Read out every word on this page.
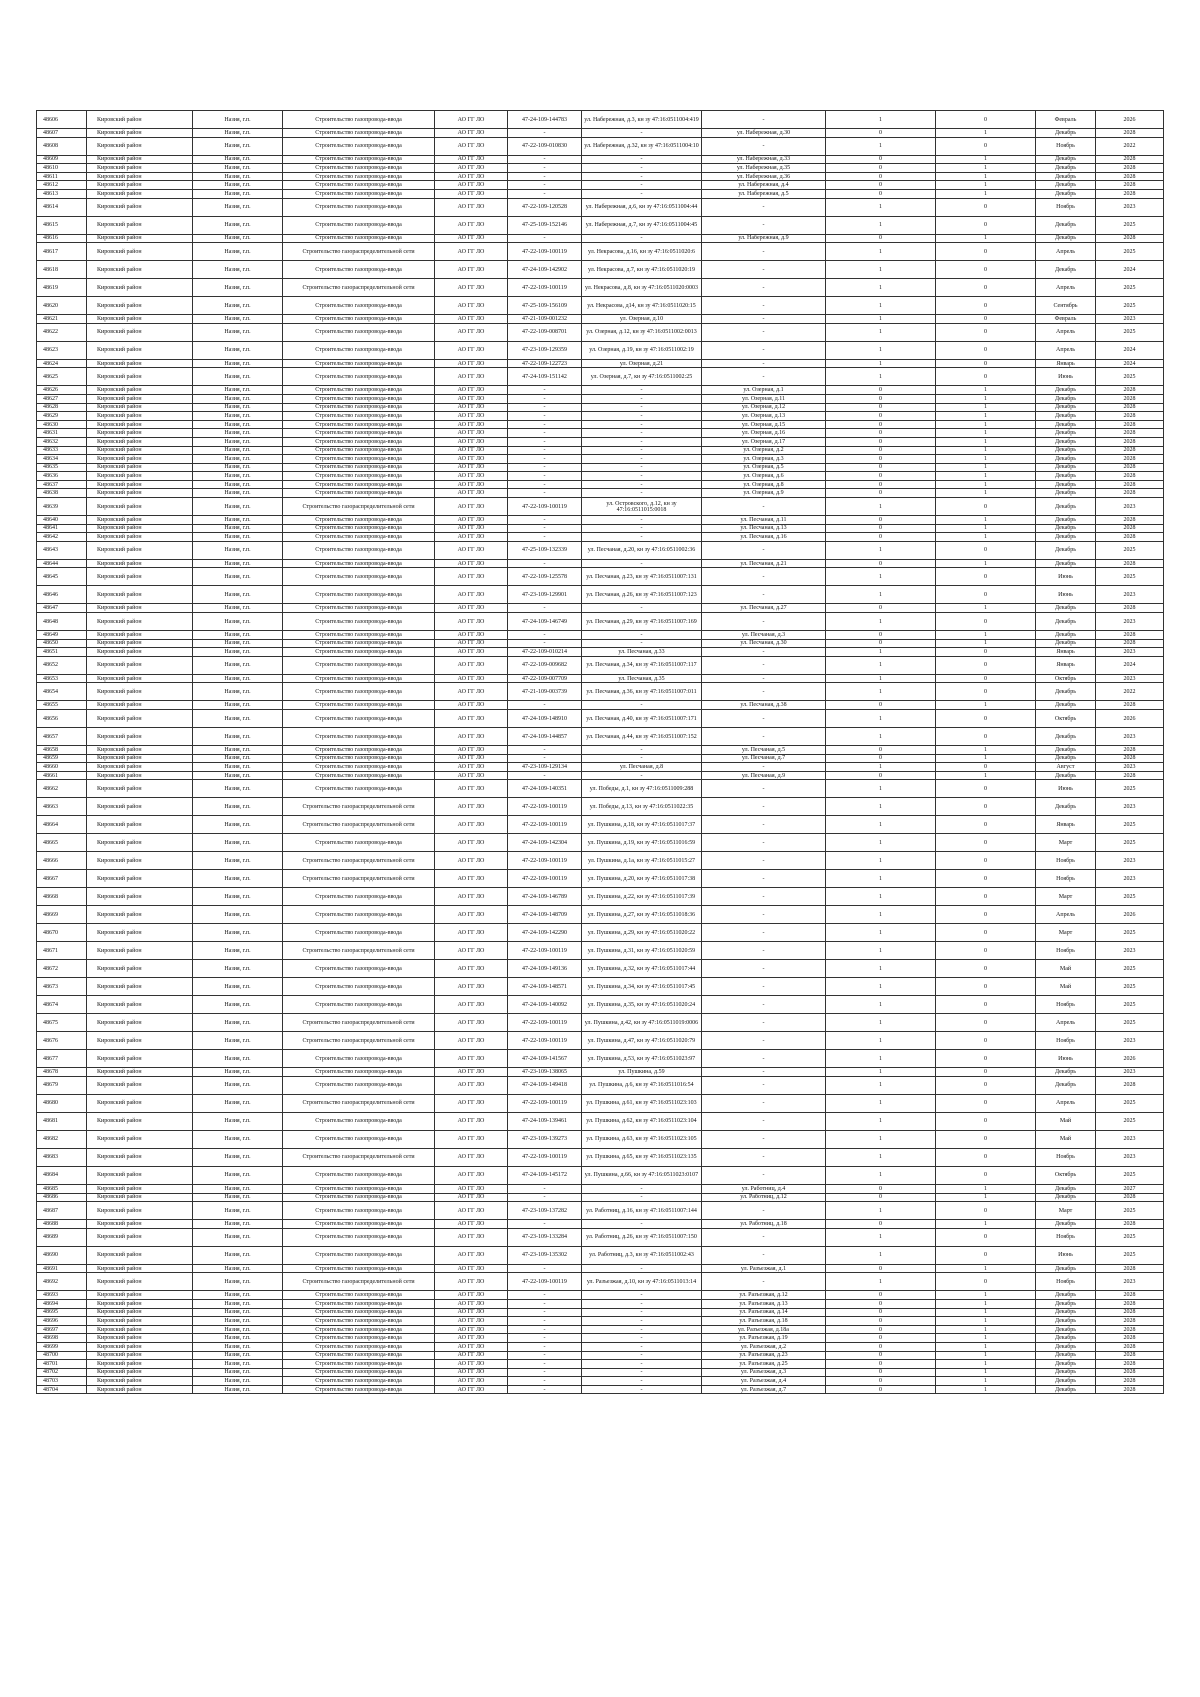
48606	Кировский район	Назия, г.п.	Строительство газопровода-ввода	АО ГГ ЛО	47-24-109-144783	ул. Набережная, д.3, кн зу 47:16:0511004:419	-	1	0	Февраль	2026
48607	Кировский район	Назия, г.п.	Строительство газопровода-ввода	АО ГГ ЛО	-	-	ул. Набережная, д.30	0	1	Декабрь	2028
48608	Кировский район	Назия, г.п.	Строительство газопровода-ввода	АО ГГ ЛО	47-22-109-010830	ул. Набережная, д.32, кн зу 47:16:0511004:10	-	1	0	Ноябрь	2022
48609	Кировский район	Назия, г.п.	Строительство газопровода-ввода	АО ГГ ЛО	-	-	ул. Набережная, д.33	0	1	Декабрь	2028
48610	Кировский район	Назия, г.п.	Строительство газопровода-ввода	АО ГГ ЛО	-	-	ул. Набережная, д.35	0	1	Декабрь	2028
48611	Кировский район	Назия, г.п.	Строительство газопровода-ввода	АО ГГ ЛО	-	-	ул. Набережная, д.36	0	1	Декабрь	2028
48612	Кировский район	Назия, г.п.	Строительство газопровода-ввода	АО ГГ ЛО	-	-	ул. Набережная, д.4	0	1	Декабрь	2028
48613	Кировский район	Назия, г.п.	Строительство газопровода-ввода	АО ГГ ЛО	-	-	ул. Набережная, д.5	0	1	Декабрь	2028
48614	Кировский район	Назия, г.п.	Строительство газопровода-ввода	АО ГГ ЛО	47-22-109-120528	ул. Набережная, д.6, кн зу 47:16:0511004:44	-	1	0	Ноябрь	2023
48615	Кировский район	Назия, г.п.	Строительство газопровода-ввода	АО ГГ ЛО	47-25-109-152146	ул. Набережная, д.7, кн зу 47:16:0511004:45	-	1	0	Декабрь	2025
48616	Кировский район	Назия, г.п.	Строительство газопровода-ввода	АО ГГ ЛО	-	-	ул. Набережная, д.9	0	1	Декабрь	2028
48617	Кировский район	Назия, г.п.	Строительство газораспределительной сети	АО ГГ ЛО	47-22-109-100119	ул. Некрасова, д.16, кн зу 47:16:0511020:6	-	1	0	Апрель	2025
48618	Кировский район	Назия, г.п.	Строительство газопровода-ввода	АО ГГ ЛО	47-24-109-142902	ул. Некрасова, д.7, кн зу 47:16:0511020:19	-	1	0	Декабрь	2024
48619	Кировский район	Назия, г.п.	Строительство газораспределительной сети	АО ГГ ЛО	47-22-109-100119	ул. Некрасова, д.8, кн зу 47:16:0511020:0003	-	1	0	Апрель	2025
48620	Кировский район	Назия, г.п.	Строительство газопровода-ввода	АО ГГ ЛО	47-25-109-156109	ул. Некрасова, д14, кн зу 47:16:0511020:15	-	1	0	Сентябрь	2025
48621	Кировский район	Назия, г.п.	Строительство газопровода-ввода	АО ГГ ЛО	47-21-109-001232	ул. Озерная, д.10	-	1	0	Февраль	2023
48622	Кировский район	Назия, г.п.	Строительство газопровода-ввода	АО ГГ ЛО	47-22-109-008701	ул. Озерная, д.12, кн зу 47:16:0511002:0013	-	1	0	Апрель	2025
48623	Кировский район	Назия, г.п.	Строительство газопровода-ввода	АО ГГ ЛО	47-23-109-129359	ул. Озерная, д.19, кн зу 47:16:0511002:19	-	1	0	Апрель	2024
48624	Кировский район	Назия, г.п.	Строительство газопровода-ввода	АО ГГ ЛО	47-22-109-122723	ул. Озерная, д.21	-	1	0	Январь	2024
48625	Кировский район	Назия, г.п.	Строительство газопровода-ввода	АО ГГ ЛО	47-24-109-151142	ул. Озерная, д.7, кн зу 47:16:0511002:25	-	1	0	Июнь	2025
48626	Кировский район	Назия, г.п.	Строительство газопровода-ввода	АО ГГ ЛО	-	-	ул. Озерная, д.1	0	1	Декабрь	2028
48627	Кировский район	Назия, г.п.	Строительство газопровода-ввода	АО ГГ ЛО	-	-	ул. Озерная, д.11	0	1	Декабрь	2028
48628	Кировский район	Назия, г.п.	Строительство газопровода-ввода	АО ГГ ЛО	-	-	ул. Озерная, д.12	0	1	Декабрь	2028
48629	Кировский район	Назия, г.п.	Строительство газопровода-ввода	АО ГГ ЛО	-	-	ул. Озерная, д.13	0	1	Декабрь	2028
48630	Кировский район	Назия, г.п.	Строительство газопровода-ввода	АО ГГ ЛО	-	-	ул. Озерная, д.15	0	1	Декабрь	2028
48631	Кировский район	Назия, г.п.	Строительство газопровода-ввода	АО ГГ ЛО	-	-	ул. Озерная, д.16	0	1	Декабрь	2028
48632	Кировский район	Назия, г.п.	Строительство газопровода-ввода	АО ГГ ЛО	-	-	ул. Озерная, д.17	0	1	Декабрь	2028
48633	Кировский район	Назия, г.п.	Строительство газопровода-ввода	АО ГГ ЛО	-	-	ул. Озерная, д.2	0	1	Декабрь	2028
48634	Кировский район	Назия, г.п.	Строительство газопровода-ввода	АО ГГ ЛО	-	-	ул. Озерная, д.3	0	1	Декабрь	2028
48635	Кировский район	Назия, г.п.	Строительство газопровода-ввода	АО ГГ ЛО	-	-	ул. Озерная, д.5	0	1	Декабрь	2028
48636	Кировский район	Назия, г.п.	Строительство газопровода-ввода	АО ГГ ЛО	-	-	ул. Озерная, д.6	0	1	Декабрь	2028
48637	Кировский район	Назия, г.п.	Строительство газопровода-ввода	АО ГГ ЛО	-	-	ул. Озерная, д.8	0	1	Декабрь	2028
48638	Кировский район	Назия, г.п.	Строительство газопровода-ввода	АО ГГ ЛО	-	-	ул. Озерная, д.9	0	1	Декабрь	2028
48639	Кировский район	Назия, г.п.	Строительство газораспределительной сети	АО ГГ ЛО	47-22-109-100119	ул. Островского, д.12, кн зу 47:16:0511015:0018	-	1	0	Декабрь	2023
48640	Кировский район	Назия, г.п.	Строительство газопровода-ввода	АО ГГ ЛО	-	-	ул. Песчаная, д.11	0	1	Декабрь	2028
48641	Кировский район	Назия, г.п.	Строительство газопровода-ввода	АО ГГ ЛО	-	-	ул. Песчаная, д.13	0	1	Декабрь	2028
48642	Кировский район	Назия, г.п.	Строительство газопровода-ввода	АО ГГ ЛО	-	-	ул. Песчаная, д.16	0	1	Декабрь	2028
48643	Кировский район	Назия, г.п.	Строительство газопровода-ввода	АО ГГ ЛО	47-25-109-132339	ул. Песчаная, д.20, кн зу 47:16:0511002:36	-	1	0	Декабрь	2025
48644	Кировский район	Назия, г.п.	Строительство газопровода-ввода	АО ГГ ЛО	-	-	ул. Песчаная, д.21	0	1	Декабрь	2028
48645	Кировский район	Назия, г.п.	Строительство газопровода-ввода	АО ГГ ЛО	47-22-109-125578	ул. Песчаная, д.23, кн зу 47:16:0511007:131	-	1	0	Июнь	2025
48646	Кировский район	Назия, г.п.	Строительство газопровода-ввода	АО ГГ ЛО	47-23-109-129901	ул. Песчаная, д.26, кн зу 47:16:0511007:123	-	1	0	Июнь	2023
48647	Кировский район	Назия, г.п.	Строительство газопровода-ввода	АО ГГ ЛО	-	-	ул. Песчаная, д.27	0	1	Декабрь	2028
48648	Кировский район	Назия, г.п.	Строительство газопровода-ввода	АО ГГ ЛО	47-24-109-146749	ул. Песчаная, д.29, кн зу 47:16:0511007:169	-	1	0	Декабрь	2023
48649	Кировский район	Назия, г.п.	Строительство газопровода-ввода	АО ГГ ЛО	-	-	ул. Песчаная, д.3	0	1	Декабрь	2028
48650	Кировский район	Назия, г.п.	Строительство газопровода-ввода	АО ГГ ЛО	-	-	ул. Песчаная, д.30	0	1	Декабрь	2028
48651	Кировский район	Назия, г.п.	Строительство газопровода-ввода	АО ГГ ЛО	47-22-109-010214	ул. Песчаная, д.33	-	1	0	Январь	2023
48652	Кировский район	Назия, г.п.	Строительство газопровода-ввода	АО ГГ ЛО	47-22-109-009682	ул. Песчаная, д.34, кн зу 47:16:0511007:117	-	1	0	Январь	2024
48653	Кировский район	Назия, г.п.	Строительство газопровода-ввода	АО ГГ ЛО	47-22-109-007709	ул. Песчаная, д.35	-	1	0	Октябрь	2023
48654	Кировский район	Назия, г.п.	Строительство газопровода-ввода	АО ГГ ЛО	47-21-109-003739	ул. Песчаная, д.36, кн зу 47:16:0511007:011	-	1	0	Декабрь	2022
48655	Кировский район	Назия, г.п.	Строительство газопровода-ввода	АО ГГ ЛО	-	-	ул. Песчаная, д.38	0	1	Декабрь	2028
48656	Кировский район	Назия, г.п.	Строительство газопровода-ввода	АО ГГ ЛО	47-24-109-148910	ул. Песчаная, д.40, кн зу 47:16:0511007:171	-	1	0	Октябрь	2026
48657	Кировский район	Назия, г.п.	Строительство газопровода-ввода	АО ГГ ЛО	47-24-109-144857	ул. Песчаная, д.44, кн зу 47:16:0511007:152	-	1	0	Декабрь	2023
48658	Кировский район	Назия, г.п.	Строительство газопровода-ввода	АО ГГ ЛО	-	-	ул. Песчаная, д.5	0	1	Декабрь	2028
48659	Кировский район	Назия, г.п.	Строительство газопровода-ввода	АО ГГ ЛО	-	-	ул. Песчаная, д.7	0	1	Декабрь	2028
48660	Кировский район	Назия, г.п.	Строительство газопровода-ввода	АО ГГ ЛО	47-23-109-129134	ул. Песчаная, д.8	-	1	0	Август	2023
48661	Кировский район	Назия, г.п.	Строительство газопровода-ввода	АО ГГ ЛО	-	-	ул. Песчаная, д.9	0	1	Декабрь	2028
48662	Кировский район	Назия, г.п.	Строительство газопровода-ввода	АО ГГ ЛО	47-24-109-140351	ул. Победы, д.1, кн зу 47:16:0511009:288	-	1	0	Июнь	2025
48663	Кировский район	Назия, г.п.	Строительство газораспределительной сети	АО ГГ ЛО	47-22-109-100119	ул. Победы, д.13, кн зу 47:16:0511022:35	-	1	0	Декабрь	2023
48664	Кировский район	Назия, г.п.	Строительство газораспределительной сети	АО ГГ ЛО	47-22-109-100119	ул. Пушкина, д.18, кн зу 47:16:0511017:37	-	1	0	Январь	2025
48665	Кировский район	Назия, г.п.	Строительство газопровода-ввода	АО ГГ ЛО	47-24-109-142304	ул. Пушкина, д.19, кн зу 47:16:0511016:59	-	1	0	Март	2025
48666	Кировский район	Назия, г.п.	Строительство газораспределительной сети	АО ГГ ЛО	47-22-109-100119	ул. Пушкина, д.1а, кн зу 47:16:0511015:27	-	1	0	Ноябрь	2023
48667	Кировский район	Назия, г.п.	Строительство газораспределительной сети	АО ГГ ЛО	47-22-109-100119	ул. Пушкина, д.20, кн зу 47:16:0511017:38	-	1	0	Ноябрь	2023
48668	Кировский район	Назия, г.п.	Строительство газопровода-ввода	АО ГГ ЛО	47-24-109-146789	ул. Пушкина, д.22, кн зу 47:16:0511017:39	-	1	0	Март	2025
48669	Кировский район	Назия, г.п.	Строительство газопровода-ввода	АО ГГ ЛО	47-24-109-148709	ул. Пушкина, д.27, кн зу 47:16:0511018:36	-	1	0	Апрель	2026
48670	Кировский район	Назия, г.п.	Строительство газопровода-ввода	АО ГГ ЛО	47-24-109-142290	ул. Пушкина, д.29, кн зу 47:16:0511020:22	-	1	0	Март	2025
48671	Кировский район	Назия, г.п.	Строительство газораспределительной сети	АО ГГ ЛО	47-22-109-100119	ул. Пушкина, д.31, кн зу 47:16:0511020:59	-	1	0	Ноябрь	2023
48672	Кировский район	Назия, г.п.	Строительство газопровода-ввода	АО ГГ ЛО	47-24-109-149136	ул. Пушкина, д.32, кн зу 47:16:0511017:44	-	1	0	Май	2025
48673	Кировский район	Назия, г.п.	Строительство газопровода-ввода	АО ГГ ЛО	47-24-109-148571	ул. Пушкина, д.34, кн зу 47:16:0511017:45	-	1	0	Май	2025
48674	Кировский район	Назия, г.п.	Строительство газопровода-ввода	АО ГГ ЛО	47-24-109-140092	ул. Пушкина, д.35, кн зу 47:16:0511020:24	-	1	0	Ноябрь	2025
48675	Кировский район	Назия, г.п.	Строительство газораспределительной сети	АО ГГ ЛО	47-22-109-100119	ул. Пушкина, д.42, кн зу 47:16:0511019:0006	-	1	0	Апрель	2025
48676	Кировский район	Назия, г.п.	Строительство газораспределительной сети	АО ГГ ЛО	47-22-109-100119	ул. Пушкина, д.47, кн зу 47:16:0511020:79	-	1	0	Ноябрь	2023
48677	Кировский район	Назия, г.п.	Строительство газопровода-ввода	АО ГГ ЛО	47-24-109-141567	ул. Пушкина, д.53, кн зу 47:16:0511023:97	-	1	0	Июнь	2026
48678	Кировский район	Назия, г.п.	Строительство газопровода-ввода	АО ГГ ЛО	47-23-109-138065	ул. Пушкина, д.59	-	1	0	Декабрь	2023
48679	Кировский район	Назия, г.п.	Строительство газопровода-ввода	АО ГГ ЛО	47-24-109-149418	ул. Пушкина, д.6, кн зу 47:16:0511016:54	-	1	0	Декабрь	2028
48680	Кировский район	Назия, г.п.	Строительство газораспределительной сети	АО ГГ ЛО	47-22-109-100119	ул. Пушкина, д.61, кн зу 47:16:0511023:103	-	1	0	Апрель	2025
48681	Кировский район	Назия, г.п.	Строительство газопровода-ввода	АО ГГ ЛО	47-24-109-139461	ул. Пушкина, д.62, кн зу 47:16:0511023:104	-	1	0	Май	2025
48682	Кировский район	Назия, г.п.	Строительство газопровода-ввода	АО ГГ ЛО	47-23-109-139273	ул. Пушкина, д.63, кн зу 47:16:0511023:105	-	1	0	Май	2023
48683	Кировский район	Назия, г.п.	Строительство газораспределительной сети	АО ГГ ЛО	47-22-109-100119	ул. Пушкина, д.65, кн зу 47:16:0511023:135	-	1	0	Ноябрь	2023
48684	Кировский район	Назия, г.п.	Строительство газопровода-ввода	АО ГГ ЛО	47-24-109-145172	ул. Пушкина, д.66, кн зу 47:16:0511023:0107	-	1	0	Октябрь	2025
48685	Кировский район	Назия, г.п.	Строительство газопровода-ввода	АО ГГ ЛО	-	-	ул. Работниц, д.4	0	1	Декабрь	2027
48686	Кировский район	Назия, г.п.	Строительство газопровода-ввода	АО ГГ ЛО	-	-	ул. Работниц, д.12	0	1	Декабрь	2028
48687	Кировский район	Назия, г.п.	Строительство газопровода-ввода	АО ГГ ЛО	47-23-109-137282	ул. Работниц, д.16, кн зу 47:16:0511007:144	-	1	0	Март	2025
48688	Кировский район	Назия, г.п.	Строительство газопровода-ввода	АО ГГ ЛО	-	-	ул. Работниц, д.18	0	1	Декабрь	2028
48689	Кировский район	Назия, г.п.	Строительство газопровода-ввода	АО ГГ ЛО	47-23-109-133284	ул. Работниц, д.26, кн зу 47:16:0511007:150	-	1	0	Ноябрь	2025
48690	Кировский район	Назия, г.п.	Строительство газопровода-ввода	АО ГГ ЛО	47-23-109-135302	ул. Работниц, д.3, кн зу 47:16:0511002:43	-	1	0	Июнь	2025
48691	Кировский район	Назия, г.п.	Строительство газопровода-ввода	АО ГГ ЛО	-	-	ул. Разъезжая, д.1	0	1	Декабрь	2028
48692	Кировский район	Назия, г.п.	Строительство газораспределительной сети	АО ГГ ЛО	47-22-109-100119	ул. Разъезжая, д.10, кн зу 47:16:0511013:14	-	1	0	Ноябрь	2023
48693	Кировский район	Назия, г.п.	Строительство газопровода-ввода	АО ГГ ЛО	-	-	ул. Разъезжая, д.12	0	1	Декабрь	2028
48694	Кировский район	Назия, г.п.	Строительство газопровода-ввода	АО ГГ ЛО	-	-	ул. Разъезжая, д.13	0	1	Декабрь	2028
48695	Кировский район	Назия, г.п.	Строительство газопровода-ввода	АО ГГ ЛО	-	-	ул. Разъезжая, д.14	0	1	Декабрь	2028
48696	Кировский район	Назия, г.п.	Строительство газопровода-ввода	АО ГГ ЛО	-	-	ул. Разъезжая, д.18	0	1	Декабрь	2028
48697	Кировский район	Назия, г.п.	Строительство газопровода-ввода	АО ГГ ЛО	-	-	ул. Разъезжая, д.18а	0	1	Декабрь	2028
48698	Кировский район	Назия, г.п.	Строительство газопровода-ввода	АО ГГ ЛО	-	-	ул. Разъезжая, д.19	0	1	Декабрь	2028
48699	Кировский район	Назия, г.п.	Строительство газопровода-ввода	АО ГГ ЛО	-	-	ул. Разъезжая, д.2	0	1	Декабрь	2028
48700	Кировский район	Назия, г.п.	Строительство газопровода-ввода	АО ГГ ЛО	-	-	ул. Разъезжая, д.23	0	1	Декабрь	2028
48701	Кировский район	Назия, г.п.	Строительство газопровода-ввода	АО ГГ ЛО	-	-	ул. Разъезжая, д.25	0	1	Декабрь	2028
48702	Кировский район	Назия, г.п.	Строительство газопровода-ввода	АО ГГ ЛО	-	-	ул. Разъезжая, д.3	0	1	Декабрь	2028
48703	Кировский район	Назия, г.п.	Строительство газопровода-ввода	АО ГГ ЛО	-	-	ул. Разъезжая, д.4	0	1	Декабрь	2028
48704	Кировский район	Назия, г.п.	Строительство газопровода-ввода	АО ГГ ЛО	-	-	ул. Разъезжая, д.7	0	1	Декабрь	2028
